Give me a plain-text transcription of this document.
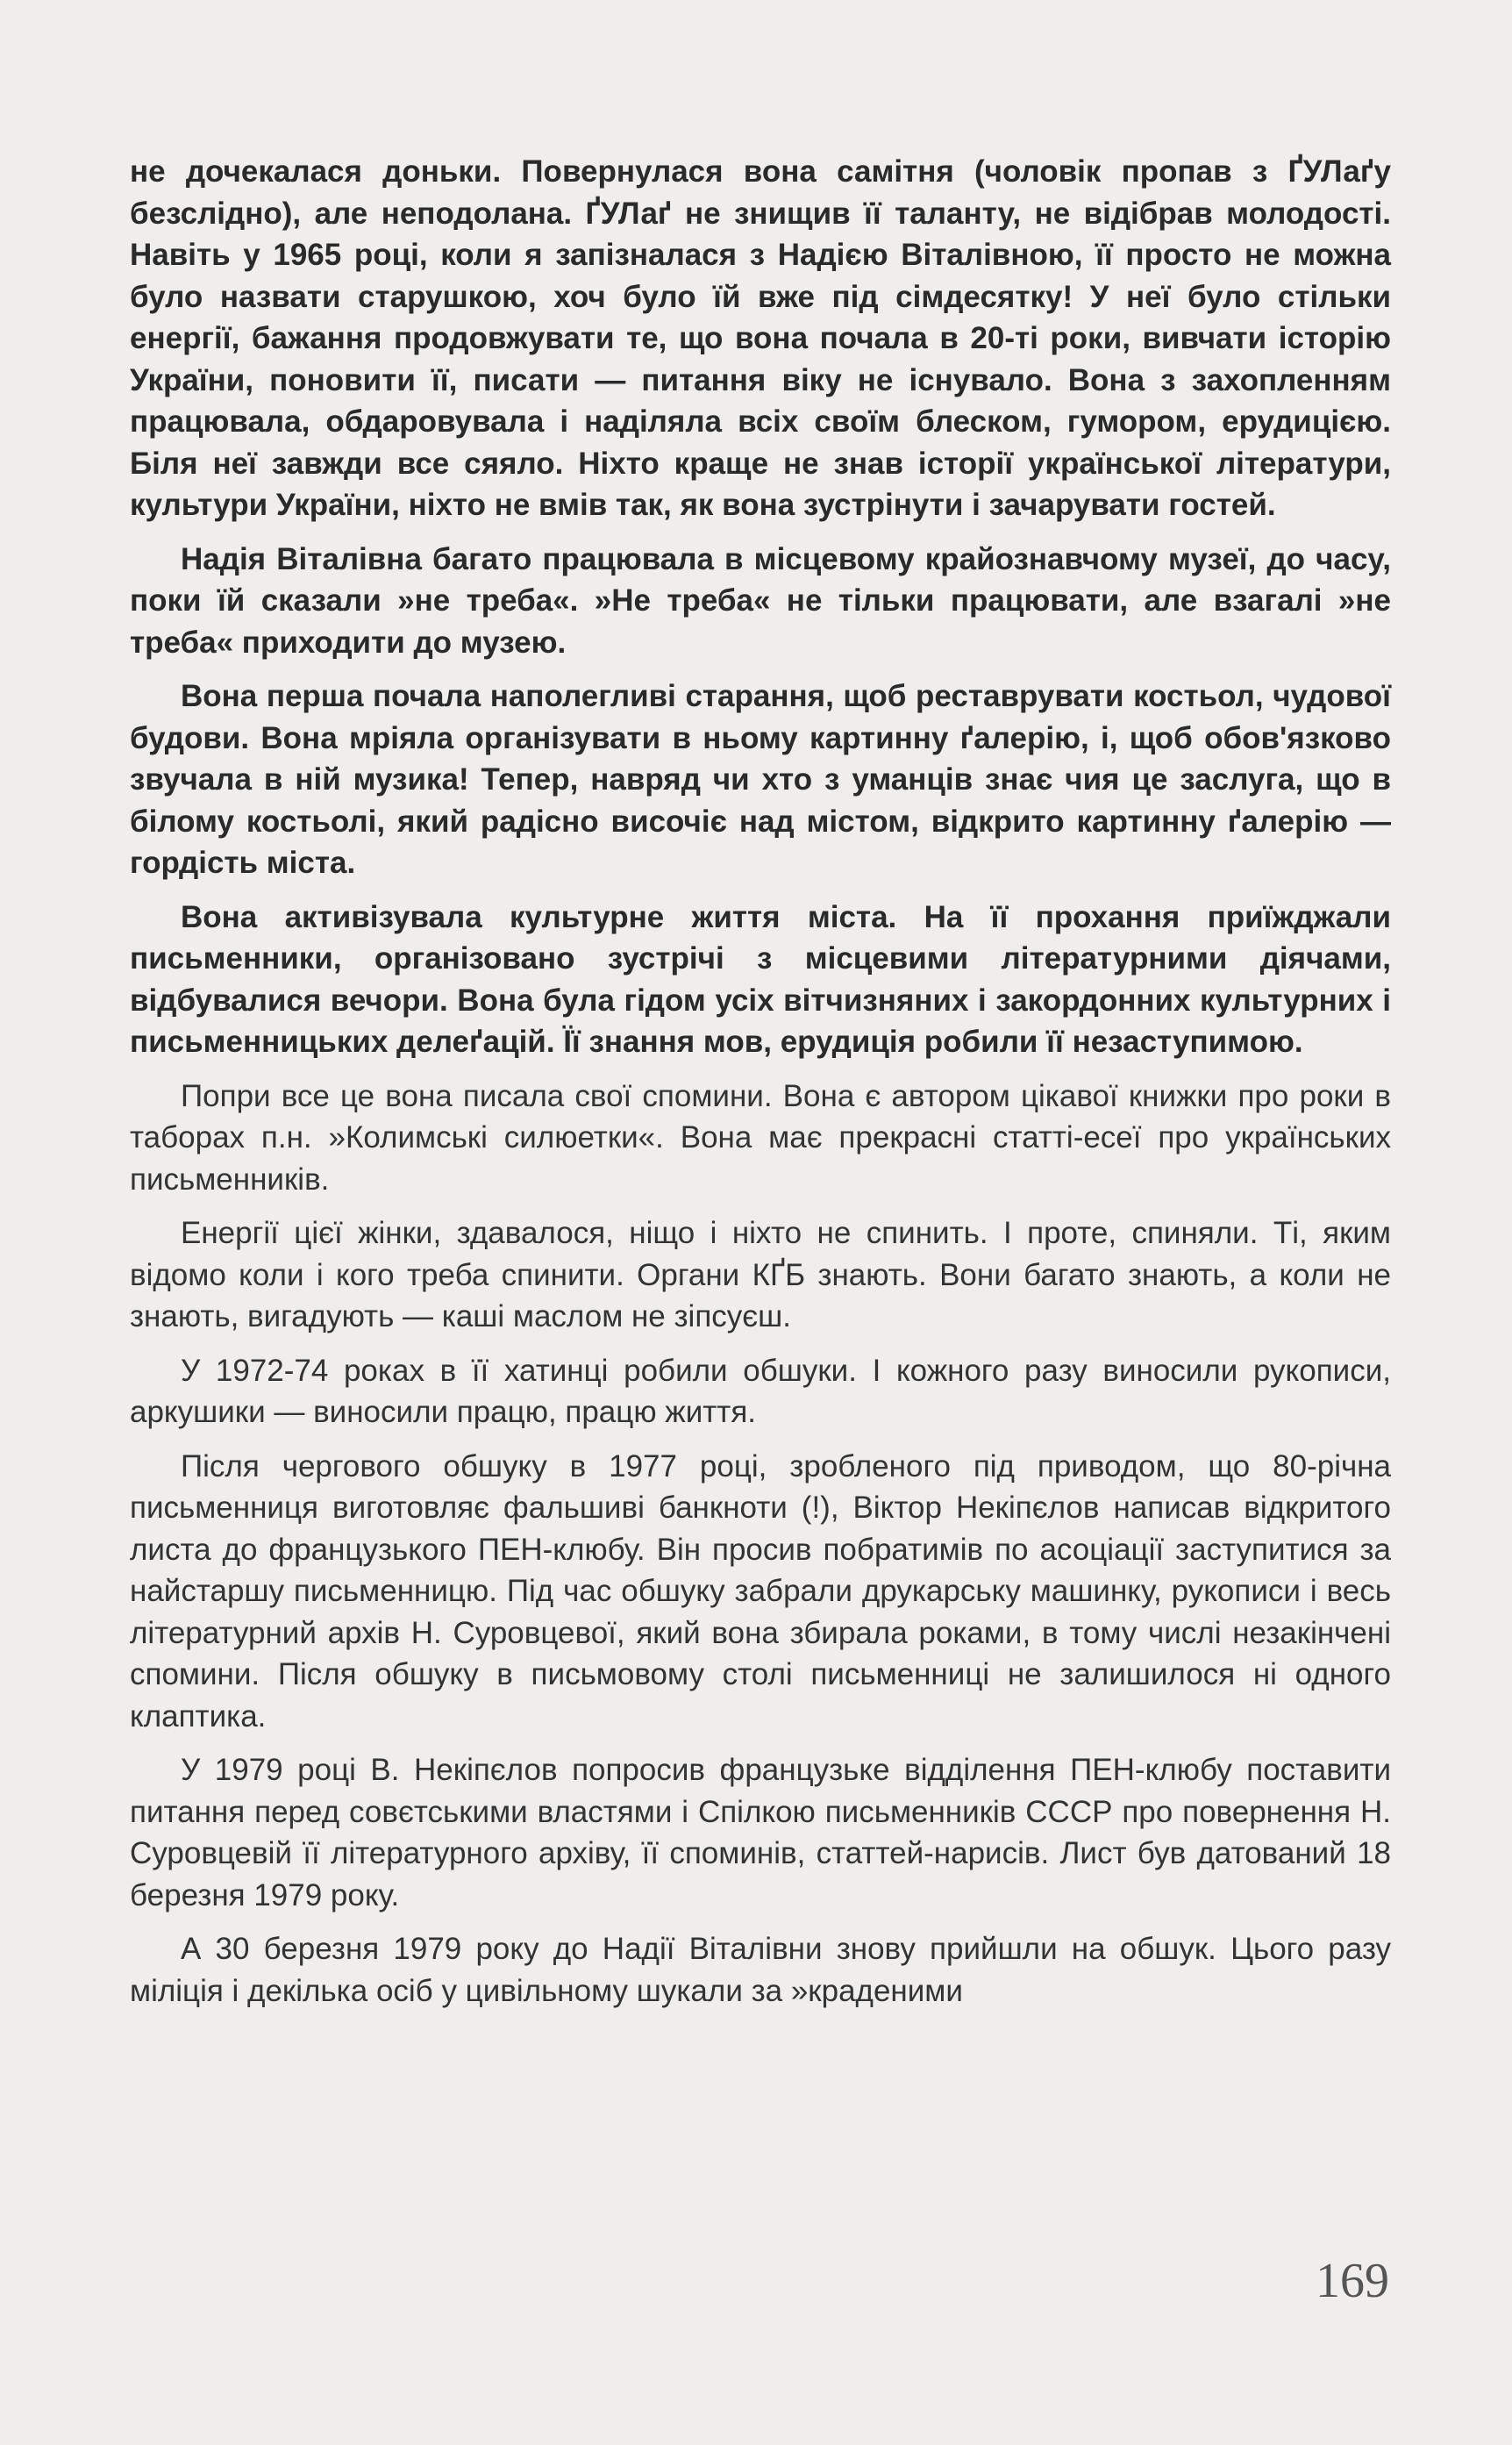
не дочекалася доньки. Повернулася вона самітня (чоловік пропав з ҐУЛаґу безслідно), але неподолана. ҐУЛаґ не знищив її таланту, не відібрав молодості. Навіть у 1965 році, коли я запізналася з Надією Віталівною, її просто не можна було назвати старушкою, хоч було їй вже під сімдесятку! У неї було стільки енергії, бажання продовжувати те, що вона почала в 20-ті роки, вивчати історію України, поновити її, писати — питання віку не існувало. Вона з захопленням працювала, обдаровувала і наділяла всіх своїм блеском, гумором, ерудицією. Біля неї завжди все сяяло. Ніхто краще не знав історії української літератури, культури України, ніхто не вмів так, як вона зустрінути і зачарувати гостей.

Надія Віталівна багато працювала в місцевому крайознавчому музеї, до часу, поки їй сказали »не треба«. »Не треба« не тільки працювати, але взагалі »не треба« приходити до музею.

Вона перша почала наполегливі старання, щоб реставрувати костьол, чудової будови. Вона мріяла організувати в ньому картинну ґалерію, і, щоб обов'язково звучала в ній музика! Тепер, навряд чи хто з уманців знає чия це заслуга, що в білому костьолі, який радісно височіє над містом, відкрито картинну ґалерію — гордість міста.

Вона активізувала культурне життя міста. На її прохання приїжджали письменники, організовано зустрічі з місцевими літературними діячами, відбувалися вечори. Вона була гідом усіх вітчизняних і закордонних культурних і письменницьких делеґацій. Її знання мов, ерудиція робили її незаступимою.

Попри все це вона писала свої спомини. Вона є автором цікавої книжки про роки в таборах п.н. »Колимські силюетки«. Вона має прекрасні статті-есеї про українських письменників.

Енергії цієї жінки, здавалося, ніщо і ніхто не спинить. І проте, спиняли. Ті, яким відомо коли і кого треба спинити. Органи КҐБ знають. Вони багато знають, а коли не знають, вигадують — каші маслом не зіпсуєш.

У 1972-74 роках в її хатинці робили обшуки. І кожного разу виносили рукописи, аркушики — виносили працю, працю життя.

Після чергового обшуку в 1977 році, зробленого під приводом, що 80-річна письменниця виготовляє фальшиві банкноти (!), Віктор Некіпєлов написав відкритого листа до французького ПЕН-клюбу. Він просив побратимів по асоціації заступитися за найстаршу письменницю. Під час обшуку забрали друкарську машинку, рукописи і весь літературний архів Н. Суровцевої, який вона збирала роками, в тому числі незакінчені спомини. Після обшуку в письмовому столі письменниці не залишилося ні одного клаптика.

У 1979 році В. Некіпєлов попросив французьке відділення ПЕН-клюбу поставити питання перед совєтськими властями і Спілкою письменників СССР про повернення Н. Суровцевій її літературного архіву, її споминів, статтей-нарисів. Лист був датований 18 березня 1979 року.

А 30 березня 1979 року до Надії Віталівни знову прийшли на обшук. Цього разу міліція і декілька осіб у цивільному шукали за »краденими

169
